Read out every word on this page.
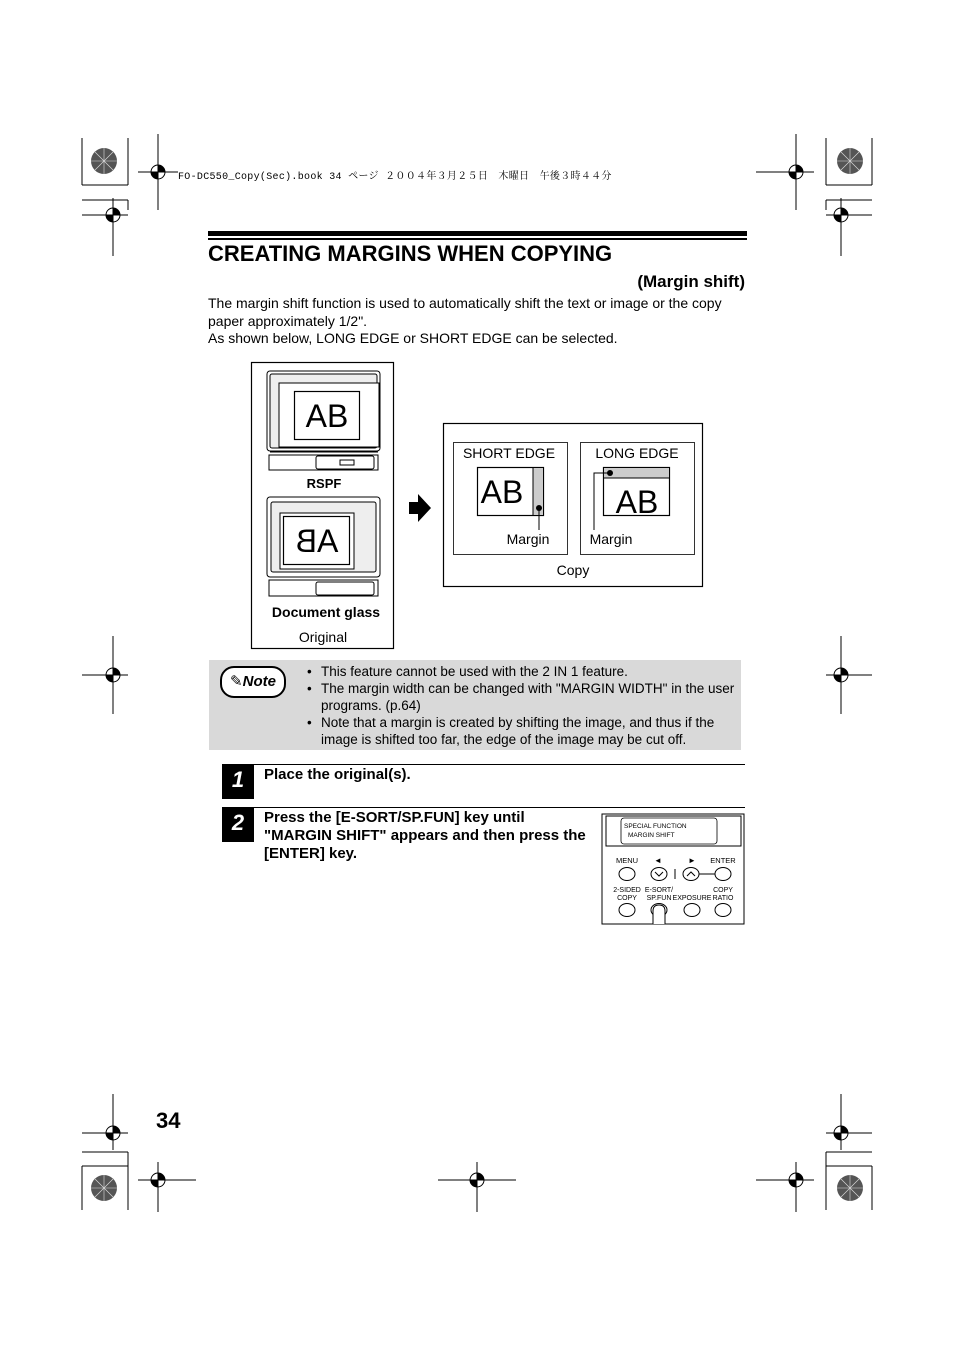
FO-DC550_Copy(Sec).book 34 ページ ２００４年３月２５日　木曜日　午後３時４４分
CREATING MARGINS WHEN COPYING
(Margin shift)

The margin shift function is used to automatically shift the text or image or the copy paper approximately 1/2".

As shown below, LONG EDGE or SHORT EDGE can be selected.

AB
RSPF
AB
Document glass
Original
SHORT EDGE	LONG EDGE
AB
Margin
AB
Margin
Copy
✎Note
• This feature cannot be used with the 2 IN 1 feature.
• The margin width can be changed with "MARGIN WIDTH" in the user programs. (p.64)
• Note that a margin is created by shifting the image, and thus if the image is shifted too far, the edge of the image may be cut off.
1	Place the original(s).
2	Press the [E-SORT/SP.FUN] key until "MARGIN SHIFT" appears and then press the [ENTER] key.
SPECIAL FUNCTION
MARGIN SHIFT
MENU ◄	► ENTER
2-SIDED
COPY
E-SORT/
SP.FUN EXPOSURE
COPY
RATIO
34
